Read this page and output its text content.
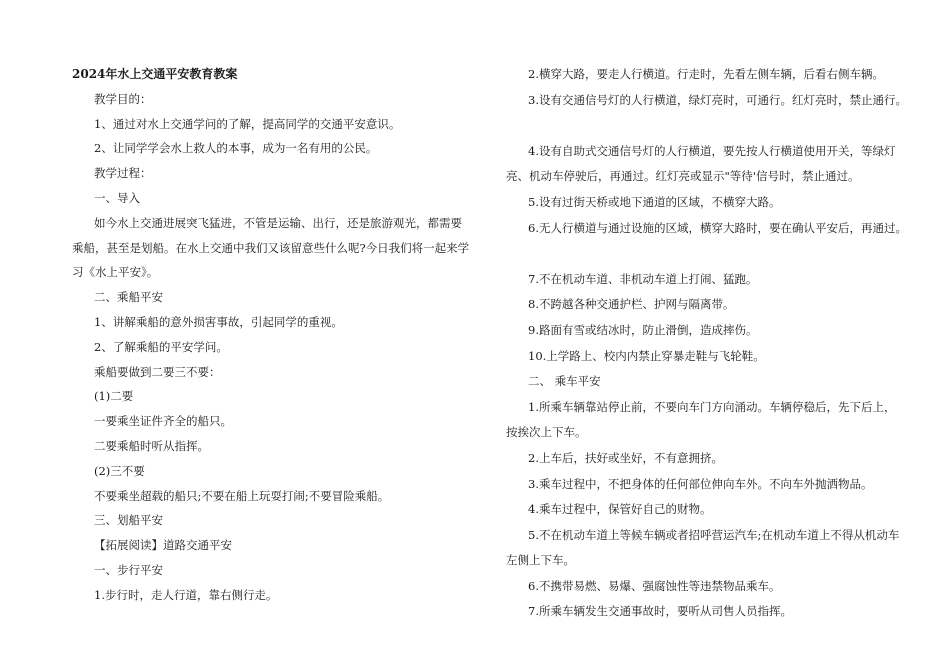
2024年水上交通平安教育教案
教学目的：
1、通过对水上交通学问的了解，提高同学的交通平安意识。
2、让同学学会水上救人的本事，成为一名有用的公民。
教学过程：
一、导入
如今水上交通进展突飞猛进，不管是运输、出行，还是旅游观光，都需要
乘船，甚至是划船。在水上交通中我们又该留意些什么呢?今日我们将一起来学
习《水上平安》。
二、乘船平安
1、讲解乘船的意外损害事故，引起同学的重视。
2、了解乘船的平安学问。
乘船要做到二要三不要：
(1)二要
一要乘坐证件齐全的船只。
二要乘船时听从指挥。
(2)三不要
不要乘坐超载的船只;不要在船上玩耍打闹;不要冒险乘船。
三、划船平安
【拓展阅读】道路交通平安
一、步行平安
1.步行时，走人行道，靠右侧行走。
2.横穿大路，要走人行横道。行走时，先看左侧车辆，后看右侧车辆。
3.设有交通信号灯的人行横道，绿灯亮时，可通行。红灯亮时，禁止通行。
4.设有自助式交通信号灯的人行横道，要先按人行横道使用开关，等绿灯
亮、机动车停驶后，再通过。红灯亮或显示"等待'信号时，禁止通过。
5.设有过街天桥或地下通道的区域，不横穿大路。
6.无人行横道与通过设施的区域，横穿大路时，要在确认平安后，再通过。
7.不在机动车道、非机动车道上打闹、猛跑。
8.不跨越各种交通护栏、护网与隔离带。
9.路面有雪或结冰时，防止滑倒，造成摔伤。
10.上学路上、校内内禁止穿暴走鞋与飞轮鞋。
二、 乘车平安
1.所乘车辆靠站停止前，不要向车门方向涌动。车辆停稳后，先下后上，
按挨次上下车。
2.上车后，扶好或坐好，不有意拥挤。
3.乘车过程中，不把身体的任何部位伸向车外。不向车外抛洒物品。
4.乘车过程中，保管好自己的财物。
5.不在机动车道上等候车辆或者招呼营运汽车;在机动车道上不得从机动车
左侧上下车。
6.不携带易燃、易爆、强腐蚀性等违禁物品乘车。
7.所乘车辆发生交通事故时，要听从司售人员指挥。
